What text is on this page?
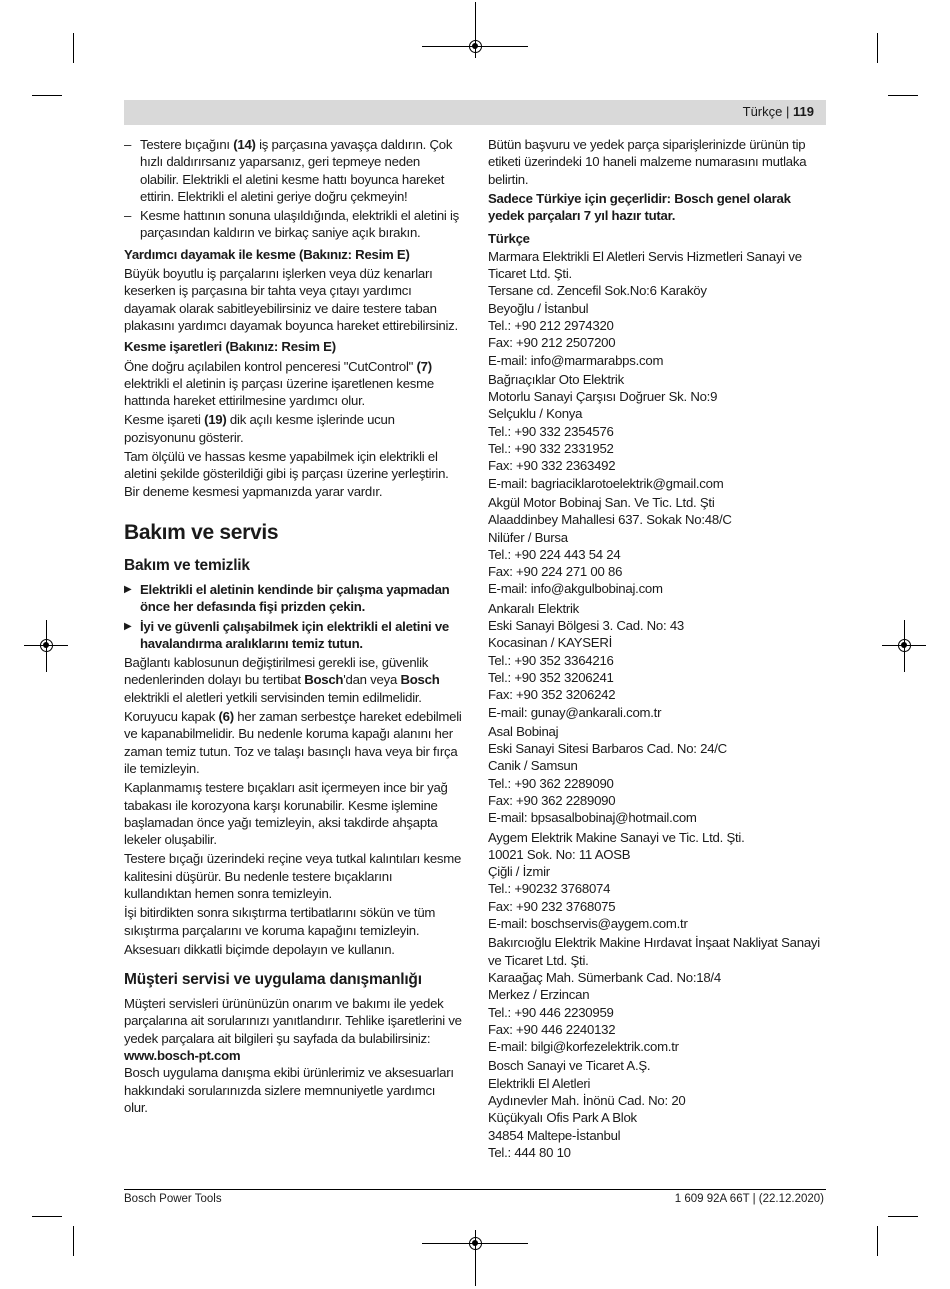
Türkçe | 119

– Testere bıçağını (14) iş parçasına yavaşça daldırın. Çok hızlı daldırırsanız yaparsanız, geri tepmeye neden olabilir. Elektrikli el aletini kesme hattı boyunca hareket ettirin. Elektrikli el aletini geriye doğru çekmeyin!

– Kesme hattının sonuna ulaşıldığında, elektrikli el aletini iş parçasından kaldırın ve birkaç saniye açık bırakın.

Yardımcı dayamak ile kesme (Bakınız: Resim E)

Büyük boyutlu iş parçalarını işlerken veya düz kenarları keserken iş parçasına bir tahta veya çıtayı yardımcı dayamak olarak sabitleyebilirsiniz ve daire testere taban plakasını yardımcı dayamak boyunca hareket ettirebilirsiniz.

Kesme işaretleri (Bakınız: Resim E)

Öne doğru açılabilen kontrol penceresi "CutControl" (7) elektrikli el aletinin iş parçası üzerine işaretlenen kesme hattında hareket ettirilmesine yardımcı olur.

Kesme işareti (19) dik açılı kesme işlerinde ucun pozisyonunu gösterir.

Tam ölçülü ve hassas kesme yapabilmek için elektrikli el aletini şekilde gösterildiği gibi iş parçası üzerine yerleştirin. Bir deneme kesmesi yapmanızda yarar vardır.

Bakım ve servis

Bakım ve temizlik

▶ Elektrikli el aletinin kendinde bir çalışma yapmadan önce her defasında fişi prizden çekin.

▶ İyi ve güvenli çalışabilmek için elektrikli el aletini ve havalandırma aralıklarını temiz tutun.

Bağlantı kablosunun değiştirilmesi gerekli ise, güvenlik nedenlerinden dolayı bu tertibat Bosch'dan veya Bosch elektrikli el aletleri yetkili servisinden temin edilmelidir.

Koruyucu kapak (6) her zaman serbestçe hareket edebilmeli ve kapanabilmelidir. Bu nedenle koruma kapağı alanını her zaman temiz tutun. Toz ve talaşı basınçlı hava veya bir fırça ile temizleyin.

Kaplanmamış testere bıçakları asit içermeyen ince bir yağ tabakası ile korozyona karşı korunabilir. Kesme işlemine başlamadan önce yağı temizleyin, aksi takdirde ahşapta lekeler oluşabilir.

Testere bıçağı üzerindeki reçine veya tutkal kalıntıları kesme kalitesini düşürür. Bu nedenle testere bıçaklarını kullandıktan hemen sonra temizleyin.

İşi bitirdikten sonra sıkıştırma tertibatlarını sökün ve tüm sıkıştırma parçalarını ve koruma kapağını temizleyin.

Aksesuarı dikkatli biçimde depolayın ve kullanın.

Müşteri servisi ve uygulama danışmanlığı

Müşteri servisleri ürününüzün onarım ve bakımı ile yedek parçalarına ait sorularınızı yanıtlandırır. Tehlike işaretlerini ve yedek parçalara ait bilgileri şu sayfada da bulabilirsiniz:

www.bosch-pt.com

Bosch uygulama danışma ekibi ürünlerimiz ve aksesuarları hakkındaki sorularınızda sizlere memnuniyetle yardımcı olur.

Bütün başvuru ve yedek parça siparişlerinizde ürünün tip etiketi üzerindeki 10 haneli malzeme numarasını mutlaka belirtin.

Sadece Türkiye için geçerlidir: Bosch genel olarak yedek parçaları 7 yıl hazır tutar.

Türkçe

Marmara Elektrikli El Aletleri Servis Hizmetleri Sanayi ve Ticaret Ltd. Şti.
Tersane cd. Zencefil Sok.No:6 Karaköy
Beyoğlu / İstanbul
Tel.: +90 212 2974320
Fax: +90 212 2507200
E-mail: info@marmarabps.com

Bağrıaçıklar Oto Elektrik
Motorlu Sanayi Çarşısı Doğruer Sk. No:9
Selçuklu / Konya
Tel.: +90 332 2354576
Tel.: +90 332 2331952
Fax: +90 332 2363492
E-mail: bagriaciklarotoelektrik@gmail.com

Akgül Motor Bobinaj San. Ve Tic. Ltd. Şti
Alaaddinbey Mahallesi 637. Sokak No:48/C
Nilüfer / Bursa
Tel.: +90 224 443 54 24
Fax: +90 224 271 00 86
E-mail: info@akgulbobinaj.com

Ankaralı Elektrik
Eski Sanayi Bölgesi 3. Cad. No: 43
Kocasinan / KAYSERİ
Tel.: +90 352 3364216
Tel.: +90 352 3206241
Fax: +90 352 3206242
E-mail: gunay@ankarali.com.tr

Asal Bobinaj
Eski Sanayi Sitesi Barbaros Cad. No: 24/C
Canik / Samsun
Tel.: +90 362 2289090
Fax: +90 362 2289090
E-mail: bpsasalbobinaj@hotmail.com

Aygem Elektrik Makine Sanayi ve Tic. Ltd. Şti.
10021 Sok. No: 11 AOSB
Çiğli / İzmir
Tel.: +90232 3768074
Fax: +90 232 3768075
E-mail: boschservis@aygem.com.tr

Bakırcıoğlu Elektrik Makine Hırdavat İnşaat Nakliyat Sanayi ve Ticaret Ltd. Şti.
Karaağaç Mah. Sümerbank Cad. No:18/4
Merkez / Erzincan
Tel.: +90 446 2230959
Fax: +90 446 2240132
E-mail: bilgi@korfezelektrik.com.tr

Bosch Sanayi ve Ticaret A.Ş.
Elektrikli El Aletleri
Aydınevler Mah. İnönü Cad. No: 20
Küçükyalı Ofis Park A Blok
34854 Maltepe-İstanbul
Tel.: 444 80 10

Bosch Power Tools	1 609 92A 66T | (22.12.2020)
